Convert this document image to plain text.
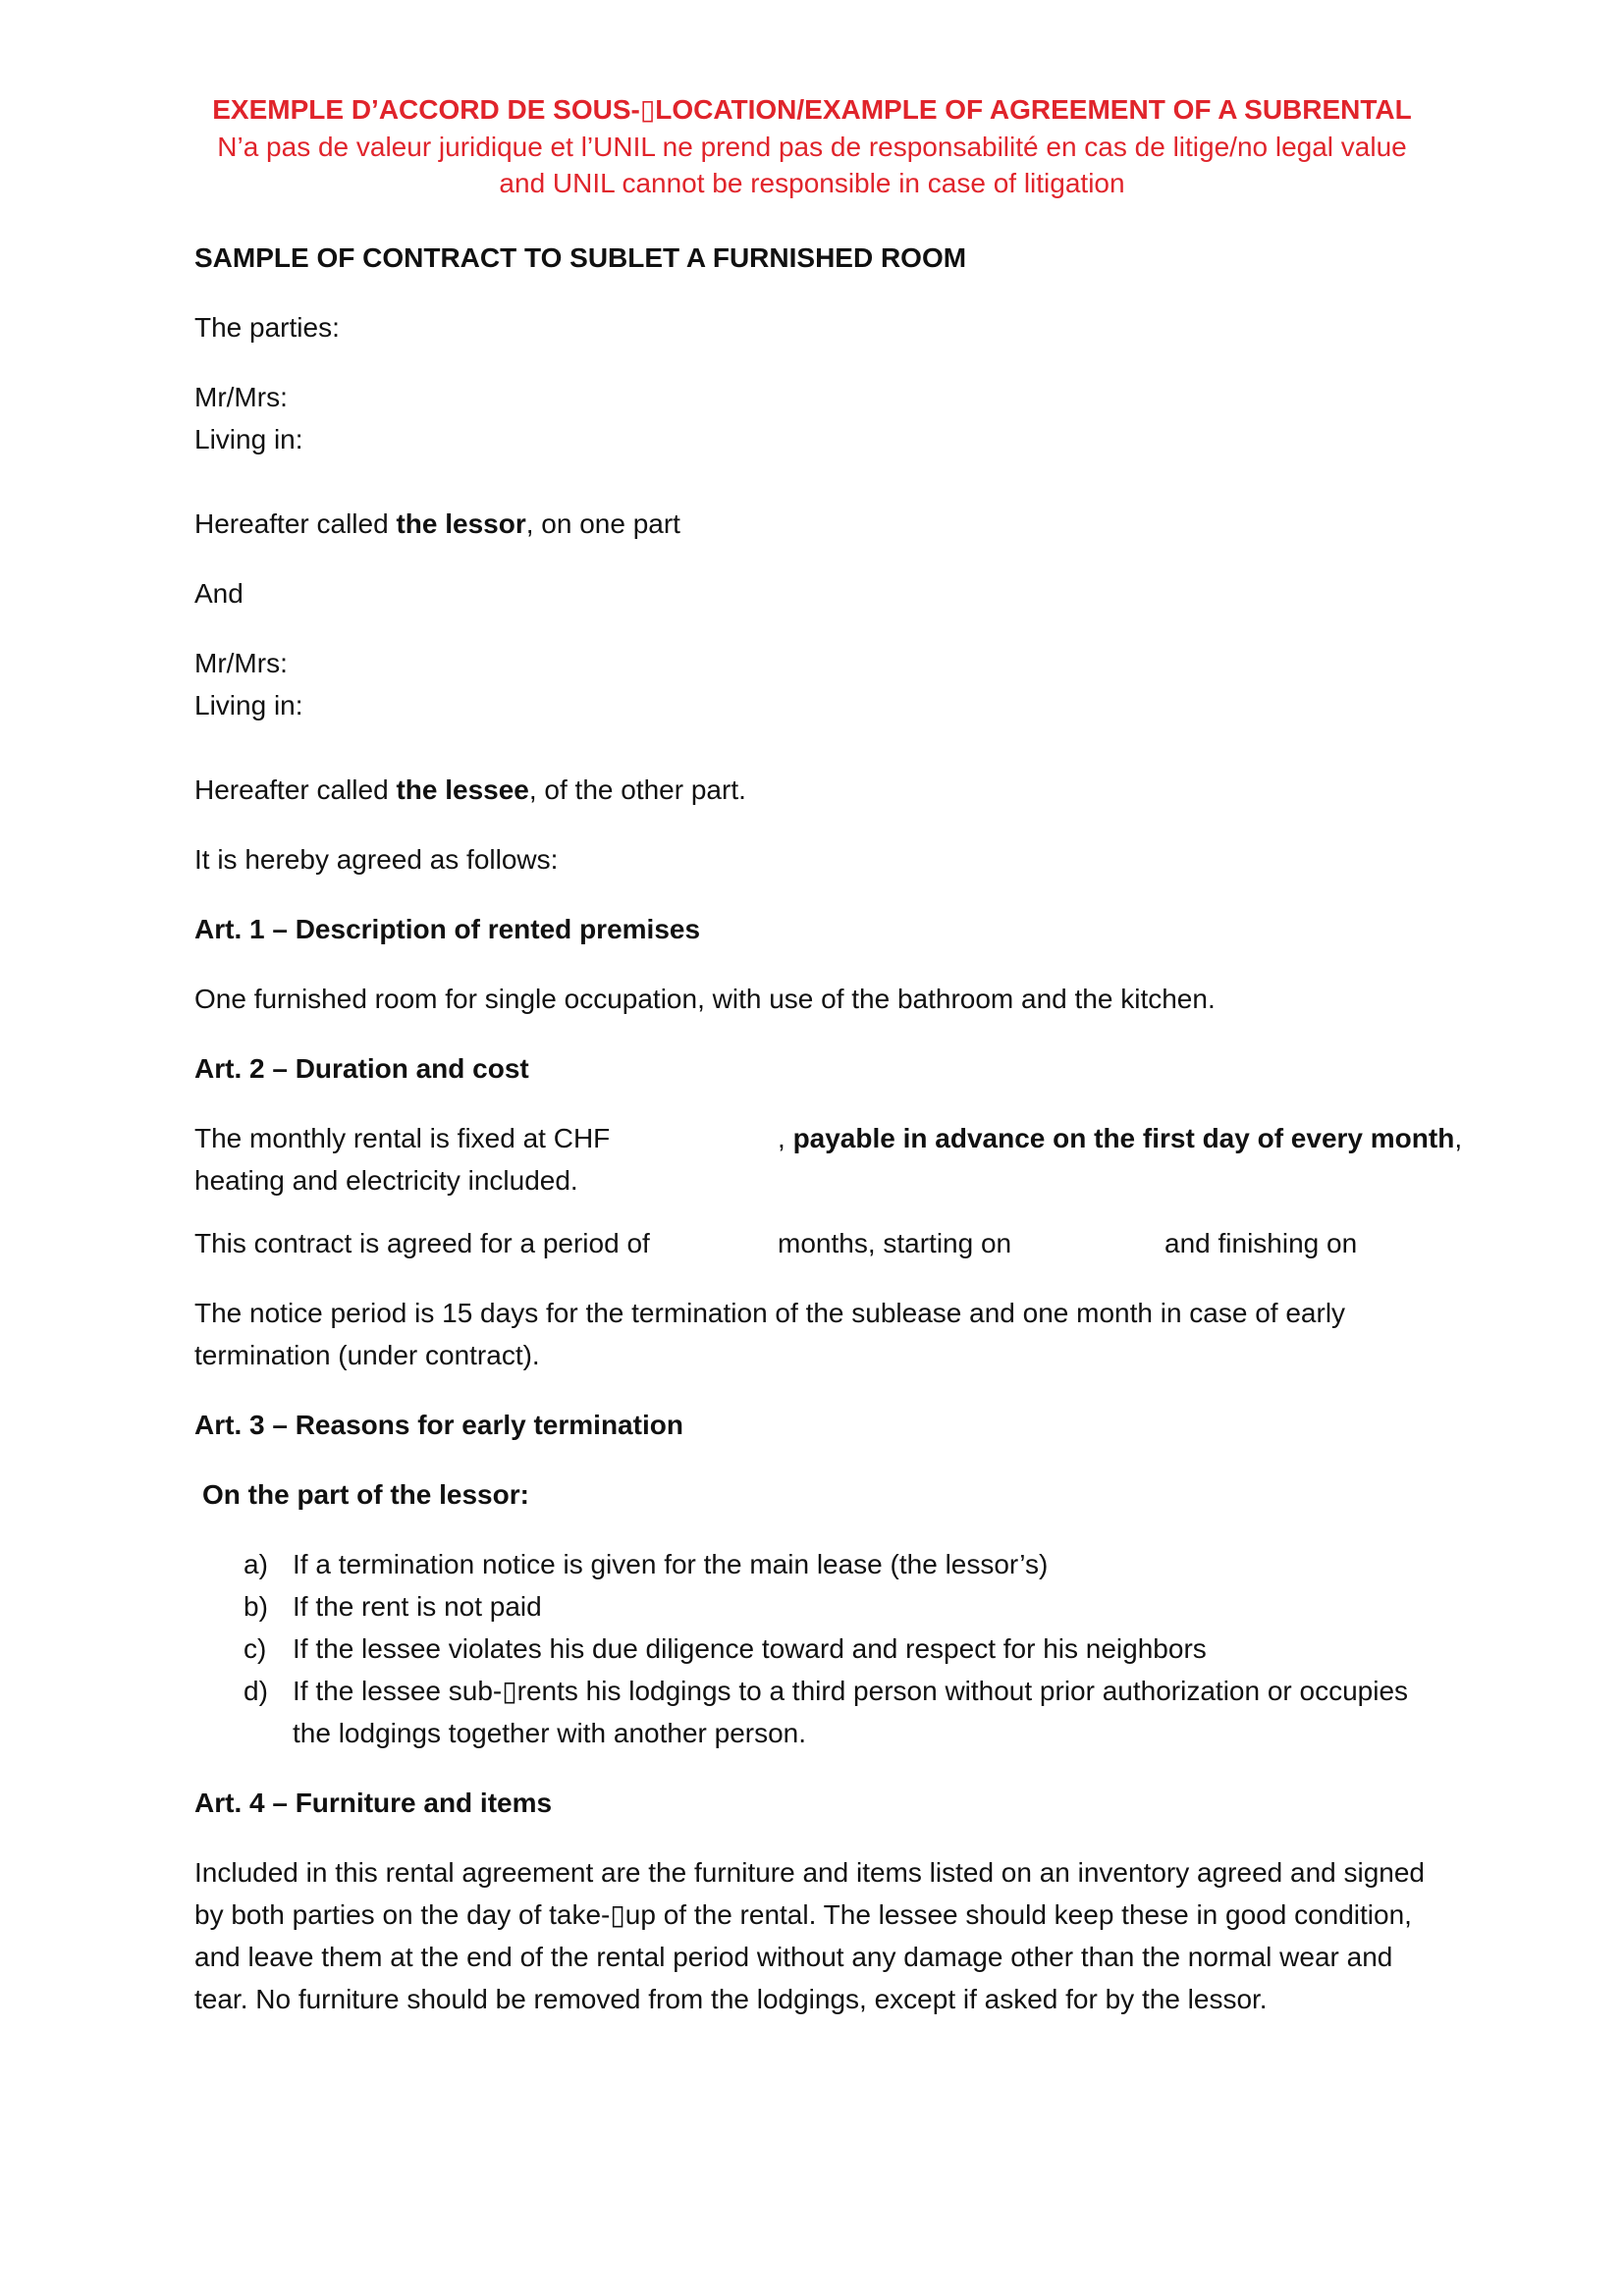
EXEMPLE D’ACCORD DE SOUS-▯LOCATION/EXAMPLE OF AGREEMENT OF A SUBRENTAL
N’a pas de valeur juridique et l’UNIL ne prend pas de responsabilité en cas de litige/no legal value
and UNIL cannot be responsible in case of litigation
SAMPLE OF CONTRACT TO SUBLET A FURNISHED ROOM
The parties:
Mr/Mrs:
Living in:
Hereafter called the lessor, on one part
And
Mr/Mrs:
Living in:
Hereafter called the lessee, of the other part.
It is hereby agreed as follows:
Art. 1 – Description of rented premises
One furnished room for single occupation, with use of the bathroom and the kitchen.
Art. 2 – Duration and cost
The monthly rental is fixed at CHF	, payable in advance on the first day of every month,
heating and electricity included.
This contract is agreed for a period of	months, starting on	and finishing on
The notice period is 15 days for the termination of the sublease and one month in case of early
termination (under contract).
Art. 3 – Reasons for early termination
On the part of the lessor:
a) If a termination notice is given for the main lease (the lessor’s)
b) If the rent is not paid
c) If the lessee violates his due diligence toward and respect for his neighbors
d) If the lessee sub-▯rents his lodgings to a third person without prior authorization or occupies
the lodgings together with another person.
Art. 4 – Furniture and items
Included in this rental agreement are the furniture and items listed on an inventory agreed and signed
by both parties on the day of take-▯up of the rental. The lessee should keep these in good condition,
and leave them at the end of the rental period without any damage other than the normal wear and
tear. No furniture should be removed from the lodgings, except if asked for by the lessor.
